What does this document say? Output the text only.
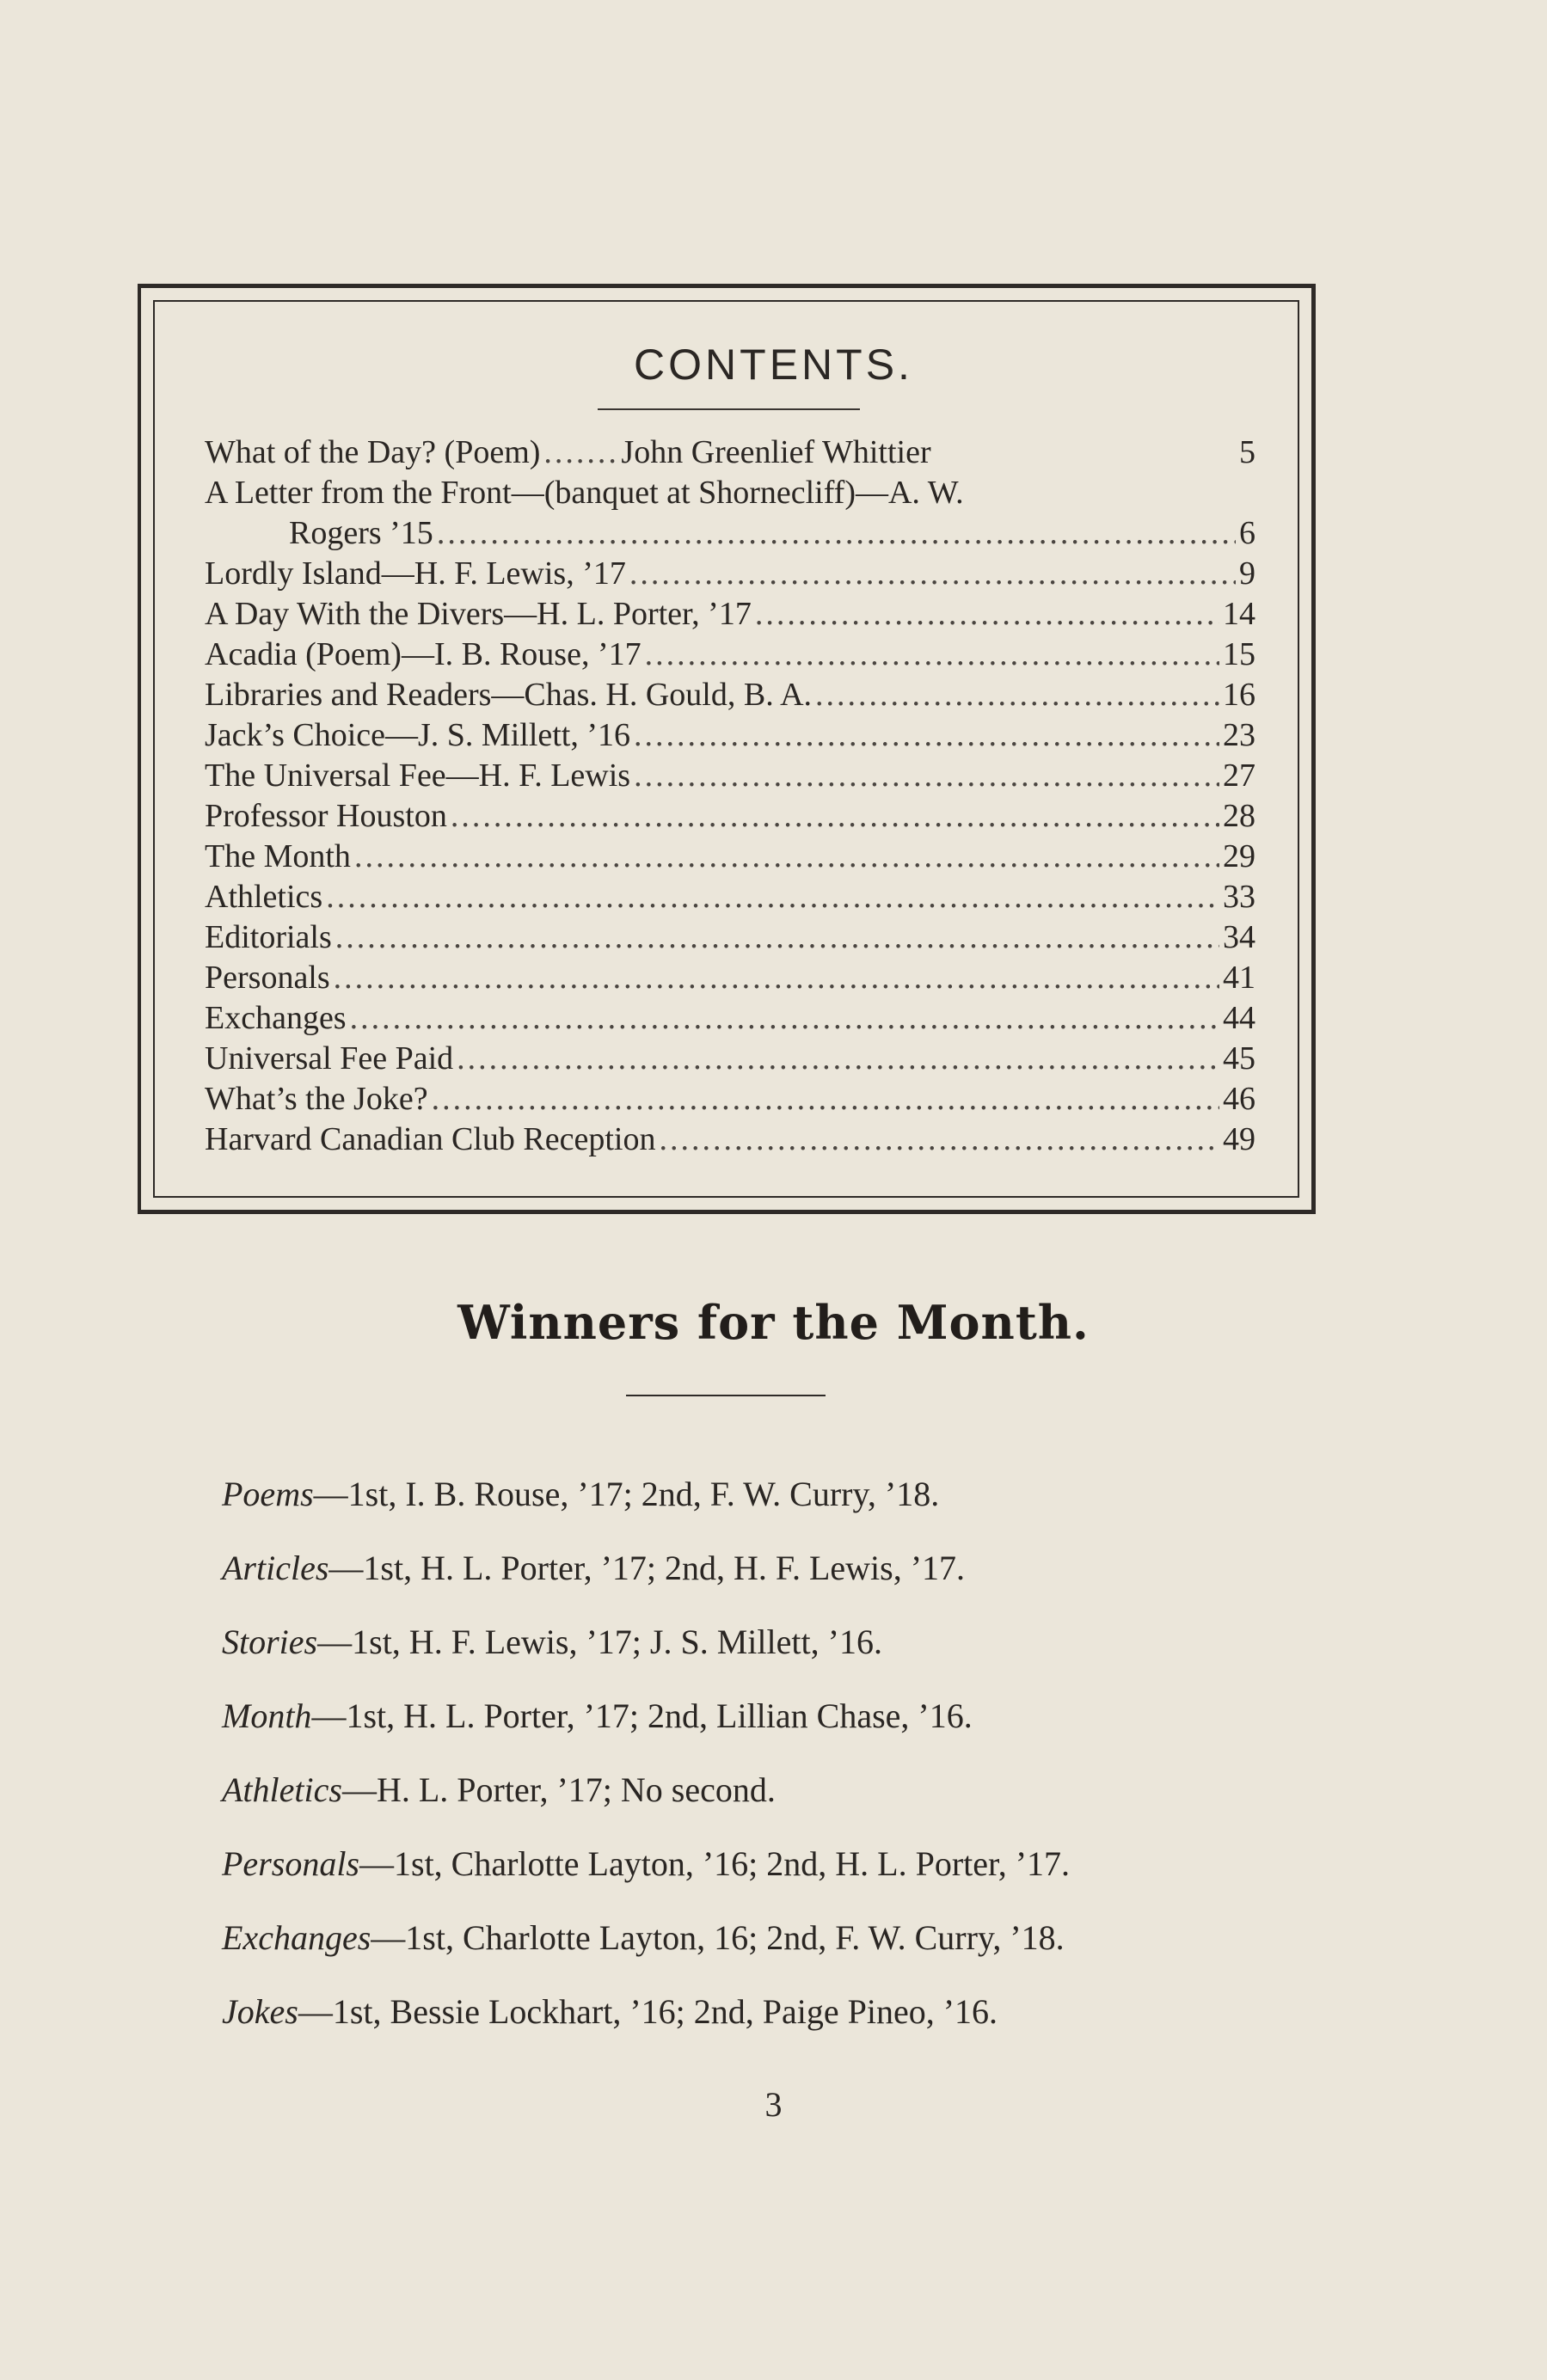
CONTENTS.
What of the Day? (Poem) ..... John Greenlief Whittier	5
A Letter from the Front—(banquet at Shornecliff)—A. W.
Rogers ’15 .....	6
Lordly Island—H. F. Lewis, ’17 .....	9
A Day With the Divers—H. L. Porter, ’17 .....	14
Acadia (Poem)—I. B. Rouse, ’17 .....	15
Libraries and Readers—Chas. H. Gould, B. A. .....	16
Jack’s Choice—J. S. Millett, ’16 .....	23
The Universal Fee—H. F. Lewis .....	27
Professor Houston .....	28
The Month .....	29
Athletics .....	33
Editorials .....	34
Personals .....	41
Exchanges .....	44
Universal Fee Paid .....	45
What’s the Joke? .....	46
Harvard Canadian Club Reception .....	49
Winners for the Month.
Poems—1st, I. B. Rouse, ’17; 2nd, F. W. Curry, ’18.
Articles—1st, H. L. Porter, ’17; 2nd, H. F. Lewis, ’17.
Stories—1st, H. F. Lewis, ’17; J. S. Millett, ’16.
Month—1st, H. L. Porter, ’17; 2nd, Lillian Chase, ’16.
Athletics—H. L. Porter, ’17; No second.
Personals—1st, Charlotte Layton, ’16; 2nd, H. L. Porter, ’17.
Exchanges—1st, Charlotte Layton, 16; 2nd, F. W. Curry, ’18.
Jokes—1st, Bessie Lockhart, ’16; 2nd, Paige Pineo, ’16.
3
